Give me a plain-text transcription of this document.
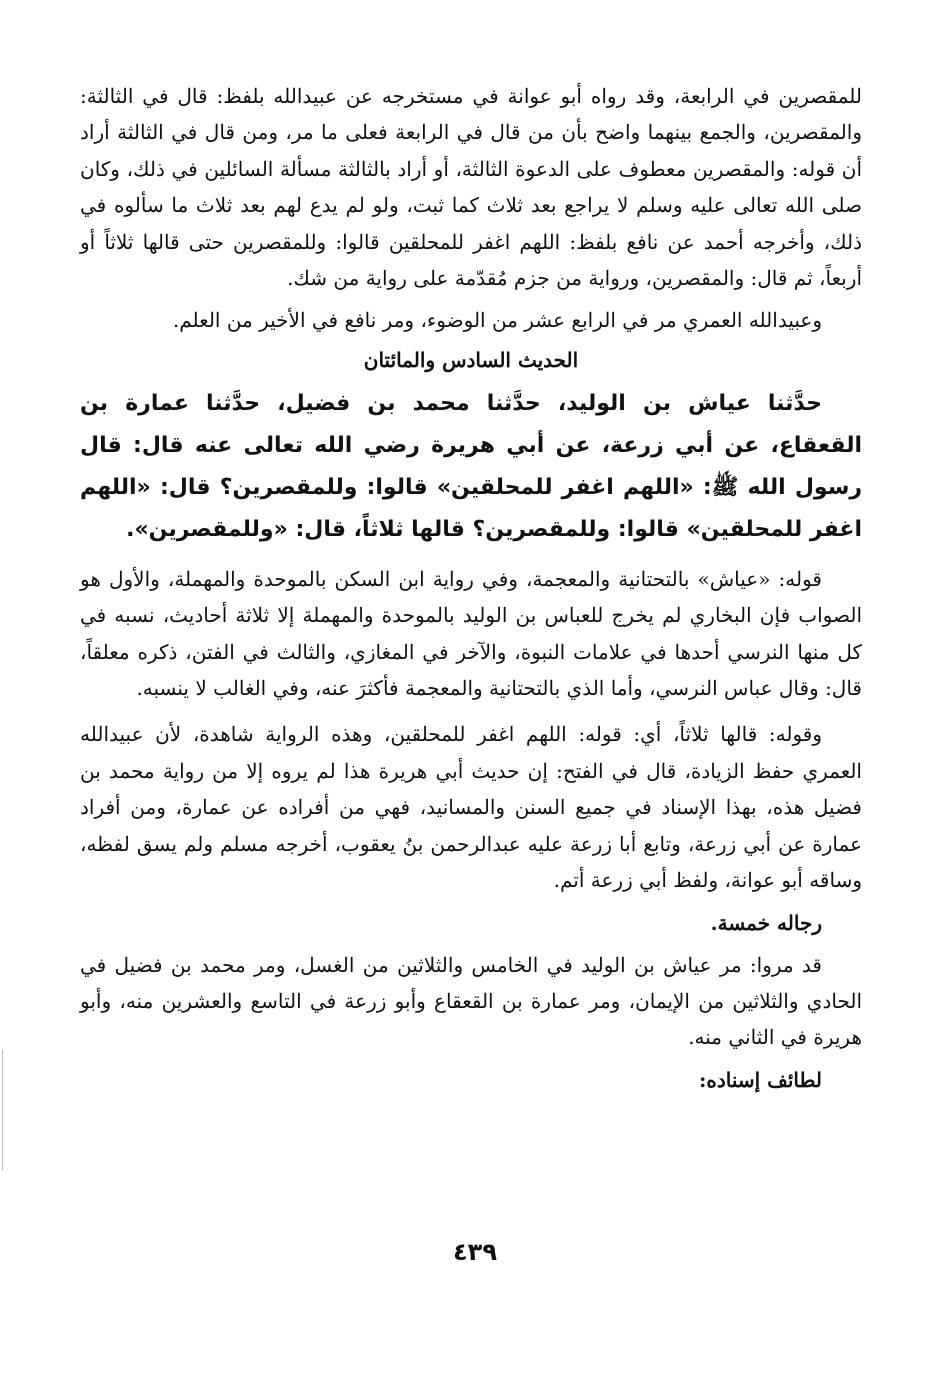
للمقصرين في الرابعة، وقد رواه أبو عوانة في مستخرجه عن عبيدالله بلفظ: قال في الثالثة: والمقصرين، والجمع بينهما واضح بأن من قال في الرابعة فعلى ما مر، ومن قال في الثالثة أراد أن قوله: والمقصرين معطوف على الدعوة الثالثة، أو أراد بالثالثة مسألة السائلين في ذلك، وكان صلى الله تعالى عليه وسلم لا يراجع بعد ثلاث كما ثبت، ولو لم يدع لهم بعد ثلاث ما سألوه في ذلك، وأخرجه أحمد عن نافع بلفظ: اللهم اغفر للمحلقين قالوا: وللمقصرين حتى قالها ثلاثاً أو أربعاً، ثم قال: والمقصرين، ورواية من جزم مُقدّمة على رواية من شك.

وعبيدالله العمري مر في الرابع عشر من الوضوء، ومر نافع في الأخير من العلم.

الحديث السادس والمائتان

حدَّثنا عياش بن الوليد، حدَّثنا محمد بن فضيل، حدَّثنا عمارة بن القعقاع، عن أبي زرعة، عن أبي هريرة رضي الله تعالى عنه قال: قال رسول الله ﷺ: «اللهم اغفر للمحلقين» قالوا: وللمقصرين؟ قال: «اللهم اغفر للمحلقين» قالوا: وللمقصرين؟ قالها ثلاثاً، قال: «وللمقصرين».

قوله: «عياش» بالتحتانية والمعجمة، وفي رواية ابن السكن بالموحدة والمهملة، والأول هو الصواب فإن البخاري لم يخرج للعباس بن الوليد بالموحدة والمهملة إلا ثلاثة أحاديث، نسبه في كل منها النرسي أحدها في علامات النبوة، والآخر في المغازي، والثالث في الفتن، ذكره معلقاً، قال: وقال عباس النرسي، وأما الذي بالتحتانية والمعجمة فأكثرَ عنه، وفي الغالب لا ينسبه.

وقوله: قالها ثلاثاً، أي: قوله: اللهم اغفر للمحلقين، وهذه الرواية شاهدة، لأن عبيدالله العمري حفظ الزيادة، قال في الفتح: إن حديث أبي هريرة هذا لم يروه إلا من رواية محمد بن فضيل هذه، بهذا الإسناد في جميع السنن والمسانيد، فهي من أفراده عن عمارة، ومن أفراد عمارة عن أبي زرعة، وتابع أبا زرعة عليه عبدالرحمن بنُ يعقوب، أخرجه مسلم ولم يسق لفظه، وساقه أبو عوانة، ولفظ أبي زرعة أتم.

رجاله خمسة.

قد مروا: مر عياش بن الوليد في الخامس والثلاثين من الغسل، ومر محمد بن فضيل في الحادي والثلاثين من الإيمان، ومر عمارة بن القعقاع وأبو زرعة في التاسع والعشرين منه، وأبو هريرة في الثاني منه.

لطائف إسناده:

٤٣٩
